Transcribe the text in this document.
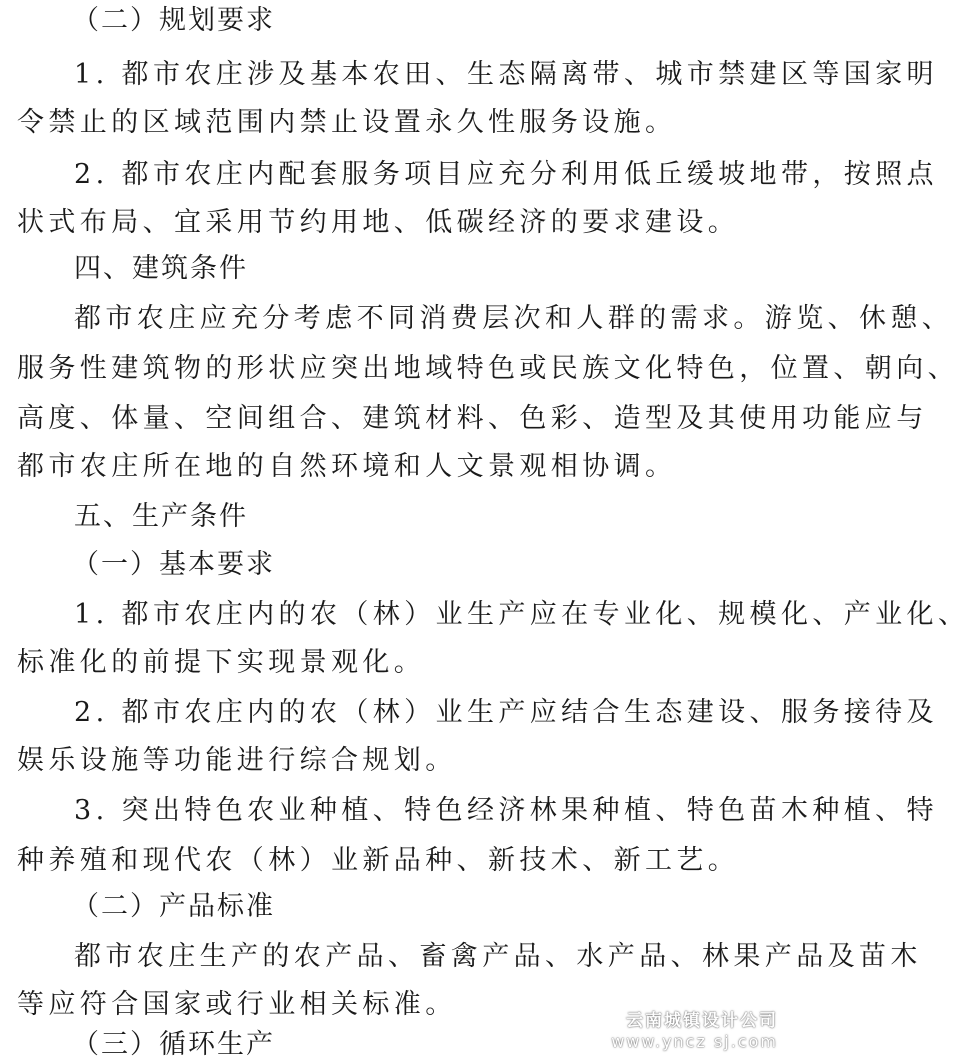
（二）规划要求
1. 都市农庄涉及基本农田、生态隔离带、城市禁建区等国家明
令禁止的区域范围内禁止设置永久性服务设施。
2. 都市农庄内配套服务项目应充分利用低丘缓坡地带，按照点
状式布局、宜采用节约用地、低碳经济的要求建设。
四、建筑条件
都市农庄应充分考虑不同消费层次和人群的需求。游览、休憩、
服务性建筑物的形状应突出地域特色或民族文化特色，位置、朝向、
高度、体量、空间组合、建筑材料、色彩、造型及其使用功能应与
都市农庄所在地的自然环境和人文景观相协调。
五、生产条件
（一）基本要求
1. 都市农庄内的农（林）业生产应在专业化、规模化、产业化、
标准化的前提下实现景观化。
2. 都市农庄内的农（林）业生产应结合生态建设、服务接待及
娱乐设施等功能进行综合规划。
3. 突出特色农业种植、特色经济林果种植、特色苗木种植、特
种养殖和现代农（林）业新品种、新技术、新工艺。
（二）产品标准
都市农庄生产的农产品、畜禽产品、水产品、林果产品及苗木
等应符合国家或行业相关标准。
（三）循环生产
云南城镇设计公司
www.yncz sj.com
